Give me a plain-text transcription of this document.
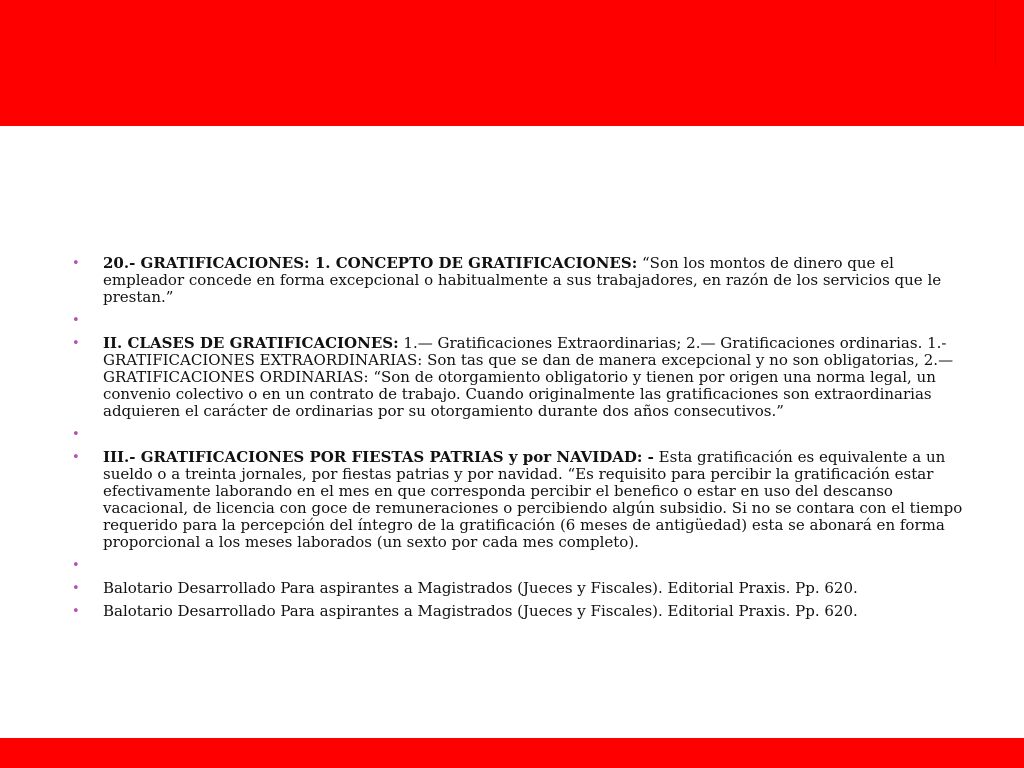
• 20.- GRATIFICACIONES: 1. CONCEPTO DE GRATIFICACIONES: “Son los montos de dinero que el empleador concede en forma excepcional o habitualmente a sus trabajadores, en razón de los servicios que le prestan.”
•
• II. CLASES DE GRATIFICACIONES: 1.— Gratificaciones Extraordinarias; 2.— Gratificaciones ordinarias. 1.- GRATIFICACIONES EXTRAORDINARIAS: Son tas que se dan de manera excepcional y no son obligatorias, 2.— GRATIFICACIONES ORDINARIAS: “Son de otorgamiento obligatorio y tienen por origen una norma legal, un convenio colectivo o en un contrato de trabajo. Cuando originalmente las gratificaciones son extraordinarias adquieren el carácter de ordinarias por su otorgamiento durante dos años consecutivos.”
•
• III.- GRATIFICACIONES POR FIESTAS PATRIAS y por NAVIDAD: - Esta gratificación es equivalente a un sueldo o a treinta jornales, por fiestas patrias y por navidad. “Es requisito para percibir la gratificación estar efectivamente laborando en el mes en que corresponda percibir el benefico o estar en uso del descanso vacacional, de licencia con goce de remuneraciones o percibiendo algún subsidio. Si no se contara con el tiempo requerido para la percepción del íntegro de la gratificación (6 meses de antigüedad) esta se abonará en forma proporcional a los meses laborados (un sexto por cada mes completo).
•
• Balotario Desarrollado Para aspirantes a Magistrados (Jueces y Fiscales). Editorial Praxis. Pp. 620.
• Balotario Desarrollado Para aspirantes a Magistrados (Jueces y Fiscales). Editorial Praxis. Pp. 620.
